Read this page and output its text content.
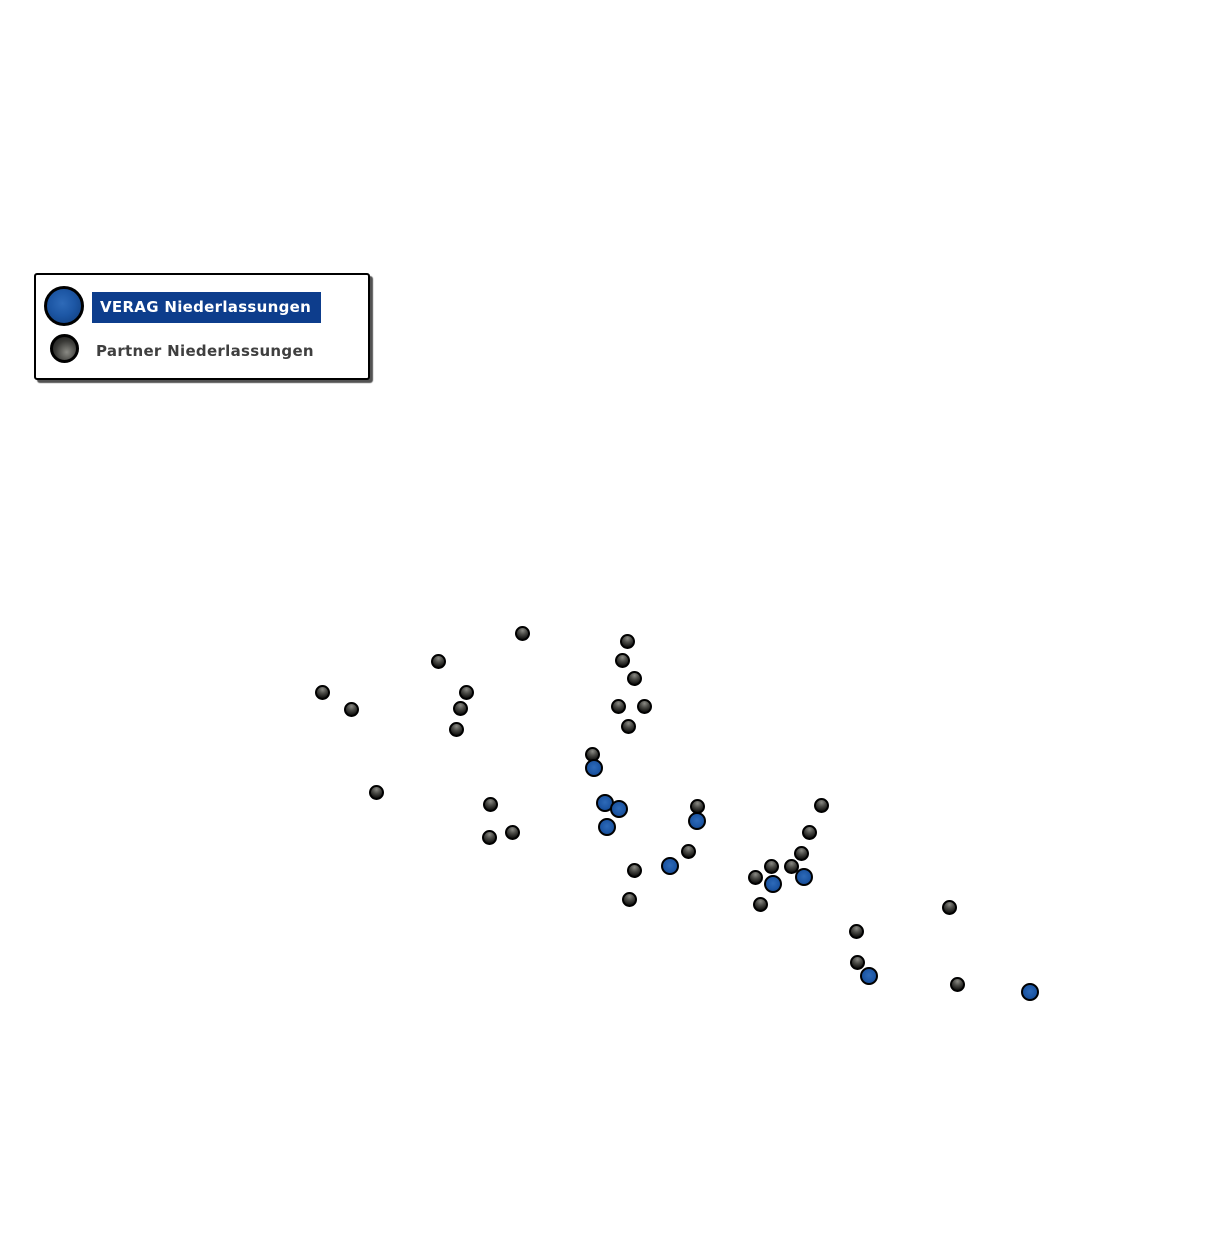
VERAG Niederlassungen
Partner Niederlassungen
